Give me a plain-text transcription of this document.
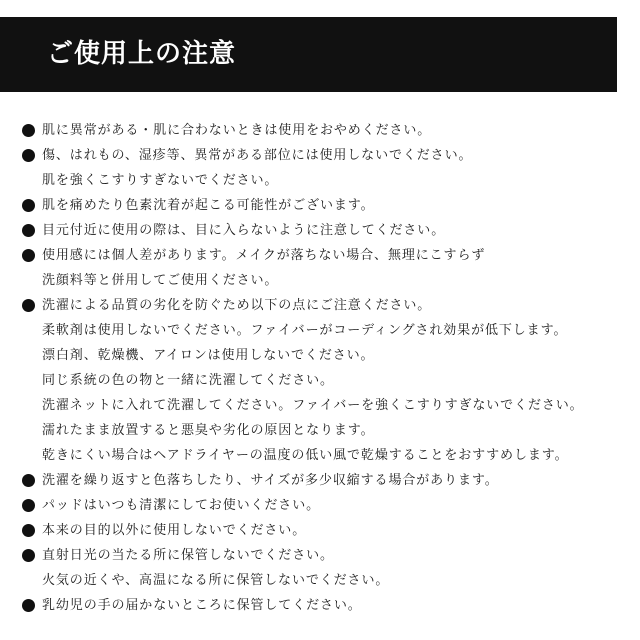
ご使用上の注意
肌に異常がある・肌に合わないときは使用をおやめください。
傷、はれもの、湿疹等、異常がある部位には使用しないでください。
肌を強くこすりすぎないでください。
肌を痛めたり色素沈着が起こる可能性がございます。
目元付近に使用の際は、目に入らないように注意してください。
使用感には個人差があります。メイクが落ちない場合、無理にこすらず
洗顔料等と併用してご使用ください。
洗濯による品質の劣化を防ぐため以下の点にご注意ください。
柔軟剤は使用しないでください。ファイバーがコーディングされ効果が低下します。
漂白剤、乾燥機、アイロンは使用しないでください。
同じ系統の色の物と一緒に洗濯してください。
洗濯ネットに入れて洗濯してください。ファイバーを強くこすりすぎないでください。
濡れたまま放置すると悪臭や劣化の原因となります。
乾きにくい場合はヘアドライヤーの温度の低い風で乾燥することをおすすめします。
洗濯を繰り返すと色落ちしたり、サイズが多少収縮する場合があります。
パッドはいつも清潔にしてお使いください。
本来の目的以外に使用しないでください。
直射日光の当たる所に保管しないでください。
火気の近くや、高温になる所に保管しないでください。
乳幼児の手の届かないところに保管してください。
